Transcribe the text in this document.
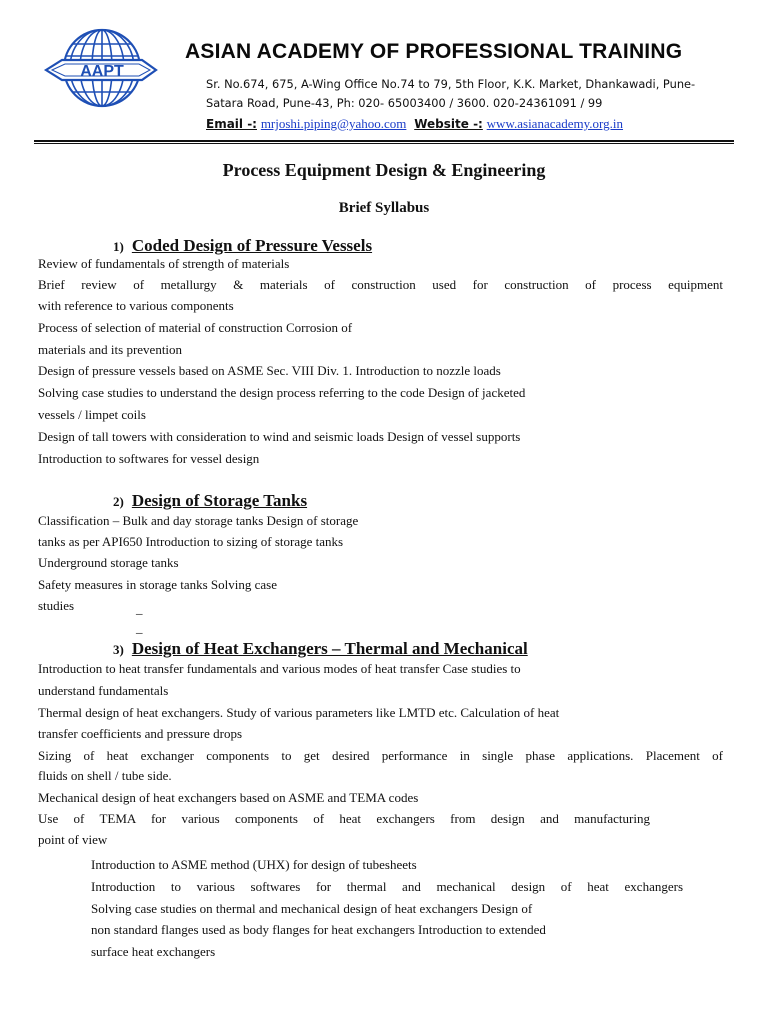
AAPT
ASIAN ACADEMY OF PROFESSIONAL TRAINING
Sr. No.674, 675, A-Wing Office No.74 to 79, 5th Floor, K.K. Market, Dhankawadi, Pune-
Satara Road, Pune-43, Ph: 020- 65003400 / 3600. 020-24361091 / 99
Email -: mrjoshi.piping@yahoo.com Website -: www.asianacademy.org.in
Process Equipment Design & Engineering
Brief Syllabus
1) Coded Design of Pressure Vessels
Review of fundamentals of strength of materials
Brief review of metallurgy & materials of construction used for construction of process equipment
with reference to various components
Process of selection of material of construction Corrosion of
materials and its prevention
Design of pressure vessels based on ASME Sec. VIII Div. 1. Introduction to nozzle loads
Solving case studies to understand the design process referring to the code Design of jacketed
vessels / limpet coils
Design of tall towers with consideration to wind and seismic loads Design of vessel supports
Introduction to softwares for vessel design
2) Design of Storage Tanks
Classification – Bulk and day storage tanks Design of storage
tanks as per API650 Introduction to sizing of storage tanks
Underground storage tanks
Safety measures in storage tanks Solving case
studies	_
_
3) Design of Heat Exchangers – Thermal and Mechanical
Introduction to heat transfer fundamentals and various modes of heat transfer Case studies to
understand fundamentals
Thermal design of heat exchangers. Study of various parameters like LMTD etc. Calculation of heat
transfer coefficients and pressure drops
Sizing of heat exchanger components to get desired performance in single phase applications. Placement of
fluids on shell / tube side.
Mechanical design of heat exchangers based on ASME and TEMA codes
Use of TEMA for various components of heat exchangers from design and manufacturing
point of view
Introduction to ASME method (UHX) for design of tubesheets
Introduction to various softwares for thermal and mechanical design of heat exchangers
Solving case studies on thermal and mechanical design of heat exchangers Design of
non standard flanges used as body flanges for heat exchangers Introduction to extended
surface heat exchangers
